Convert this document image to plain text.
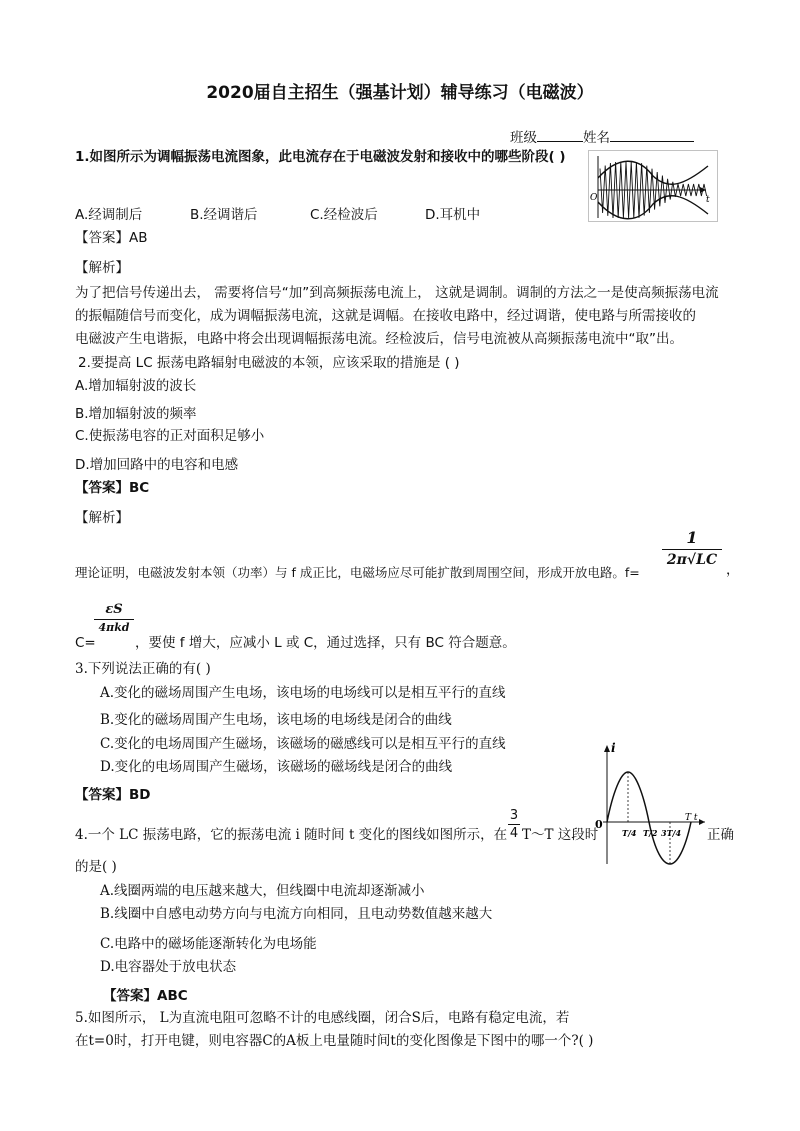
2020届自主招生（强基计划）辅导练习（电磁波）
班级	姓名
1.如图所示为调幅振荡电流图象，此电流存在于电磁波发射和接收中的哪些阶段( )
O	t
A.经调制后	B.经调谐后	C.经检波后	D.耳机中
【答案】AB
【解析】
为了把信号传递出去， 需要将信号“加”到高频振荡电流上， 这就是调制。调制的方法之一是使高频振荡电流
的振幅随信号而变化，成为调幅振荡电流，这就是调幅。在接收电路中，经过调谐，使电路与所需接收的
电磁波产生电谐振，电路中将会出现调幅振荡电流。经检波后，信号电流被从高频振荡电流中“取”出。
2.要提高 LC 振荡电路辐射电磁波的本领，应该采取的措施是 ( )
A.增加辐射波的波长
B.增加辐射波的频率
C.使振荡电容的正对面积足够小
D.增加回路中的电容和电感
【答案】BC
【解析】
理论证明，电磁波发射本领（功率）与 f 成正比，电磁场应尽可能扩散到周围空间，形成开放电路。f=
1
2π√LC
，
C=
εS
4πkd
，要使 f 增大，应减小 L 或 C，通过选择，只有 BC 符合题意。
3.下列说法正确的有( )
A.变化的磁场周围产生电场，该电场的电场线可以是相互平行的直线
B.变化的磁场周围产生电场，该电场的电场线是闭合的曲线
C.变化的电场周围产生磁场，该磁场的磁感线可以是相互平行的直线
D.变化的电场周围产生磁场，该磁场的磁场线是闭合的曲线
【答案】BD
i
0	T t
T/4 T/2 3T/4
4.一个 LC 振荡电路，它的振荡电流 i 随时间 t 变化的图线如图所示，在
3
4 T～T 这段时	正确
的是( )
A.线圈两端的电压越来越大，但线圈中电流却逐渐减小
B.线圈中自感电动势方向与电流方向相同，且电动势数值越来越大
C.电路中的磁场能逐渐转化为电场能
D.电容器处于放电状态
【答案】ABC
5.如图所示， L为直流电阻可忽略不计的电感线圈，闭合S后，电路有稳定电流，若
在t=0时，打开电键，则电容器C的A板上电量随时间t的变化图像是下图中的哪一个?( )
